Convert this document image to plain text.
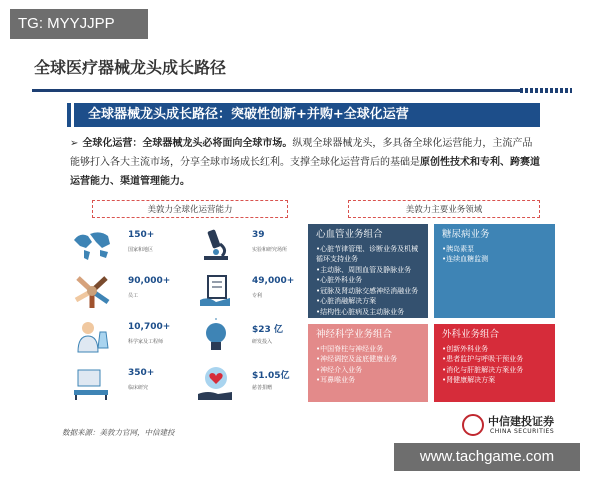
TG: MYYJJPP
全球医疗器械龙头成长路径
全球器械龙头成长路径：突破性创新+并购+全球化运营
➢ 全球化运营：全球器械龙头必将面向全球市场。纵观全球器械龙头，多具备全球化运营能力，主流产品能够打入各大主流市场，分享全球市场成长红利。支撑全球化运营背后的基础是原创性技术和专利、跨赛道运营能力、渠道管理能力。
美敦力全球化运营能力	美敦力主要业务领域
150+
国家和地区
39
实验和研究场所
90,000+
员工
49,000+
专利
10,700+
科学家及工程师
$23 亿
研发投入
350+
临床研究
$1.05亿
慈善捐赠
心血管业务组合
•心脏节律管理、诊断业务及机械
循环支持业务
•主动脉、周围血管及静脉业务
•心脏外科业务
•冠脉及肾动脉交感神经消融业务
•心脏消融解决方案
•结构性心脏病及主动脉业务
糖尿病业务
•胰岛素泵
•连续血糖监测
神经科学业务组合
•中国脊柱与神经业务
•神经调控及盆底健康业务
•神经介入业务
•耳鼻喉业务
外科业务组合
•创新外科业务
•患者监护与呼吸干预业务
•消化与肝脏解决方案业务
•肾健康解决方案
数据来源：美敦力官网，中信建投
中信建投证券
CHINA SECURITIES
www.tachgame.com
